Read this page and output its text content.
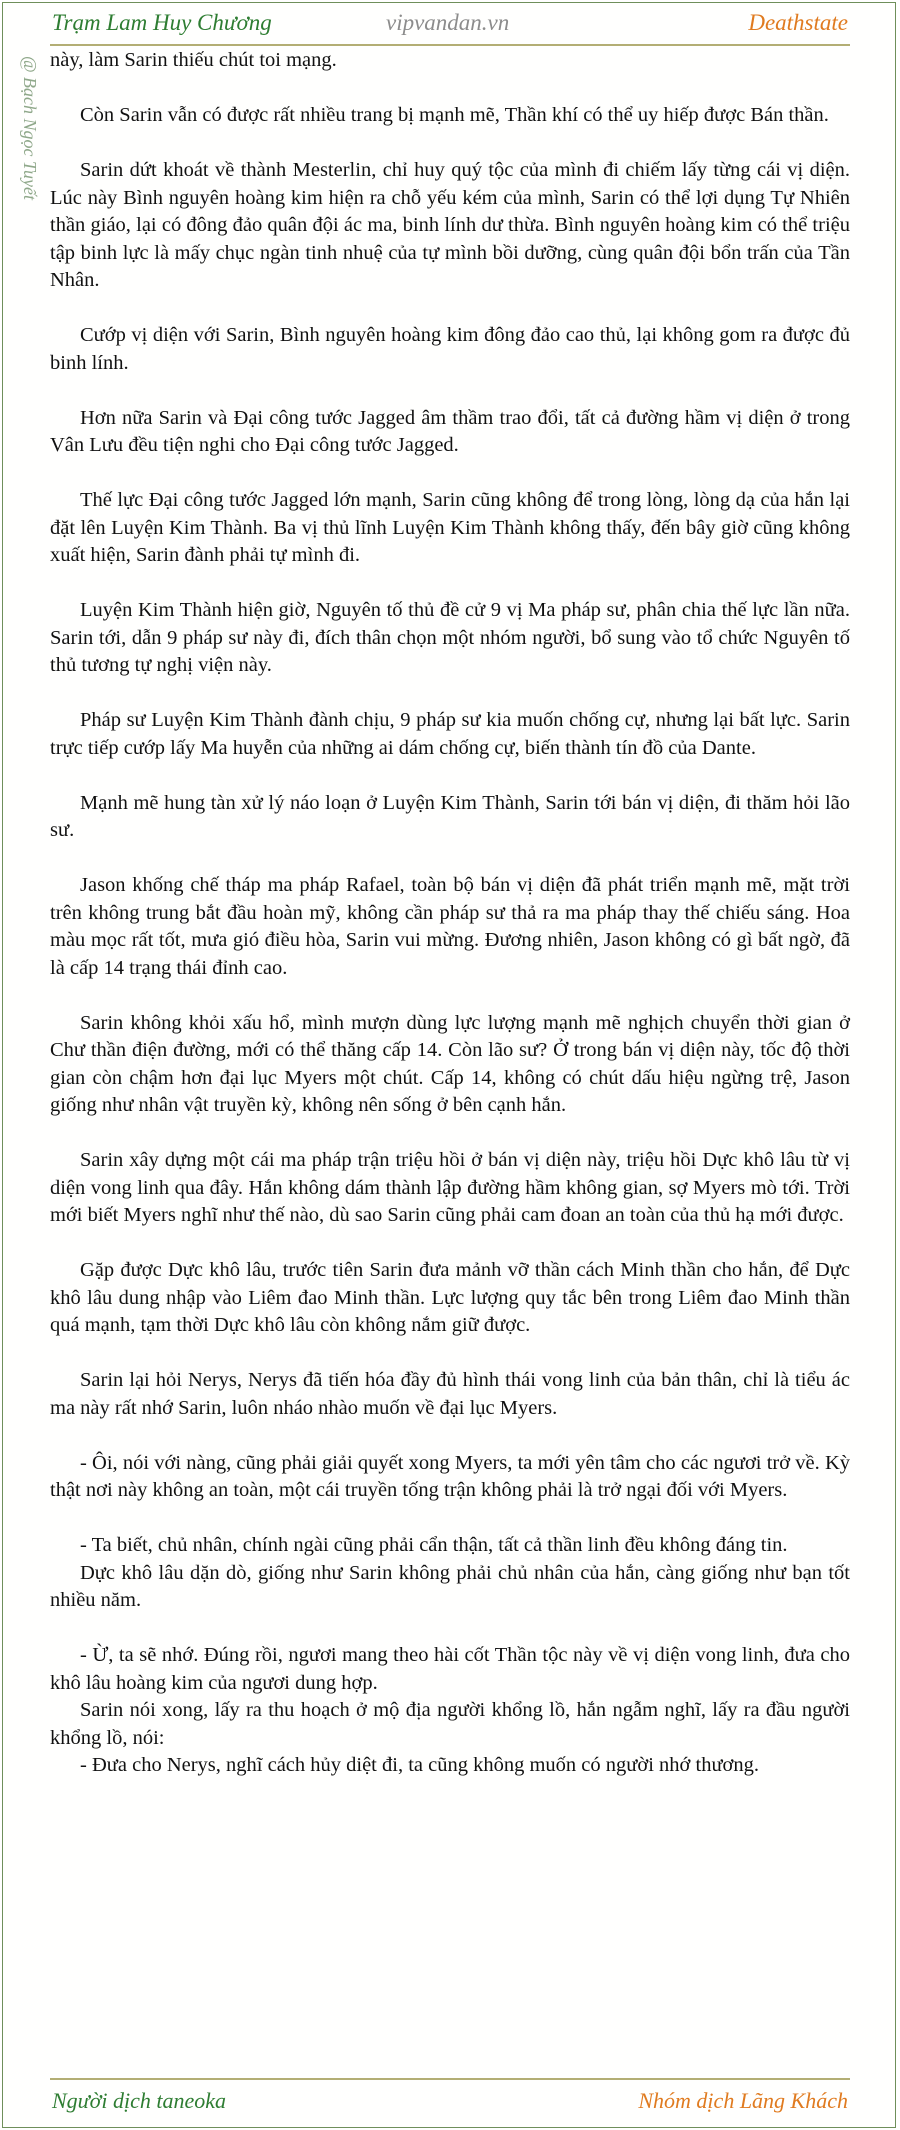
Trạm Lam Huy Chương	vipvandan.vn	Deathstate
@ Bạch Ngọc Tuyết này, làm Sarin thiếu chút toi mạng.

Còn Sarin vẫn có được rất nhiều trang bị mạnh mẽ, Thần khí có thể uy hiếp được Bán thần.

Sarin dứt khoát về thành Mesterlin, chỉ huy quý tộc của mình đi chiếm lấy từng cái vị diện. Lúc này Bình nguyên hoàng kim hiện ra chỗ yếu kém của mình, Sarin có thể lợi dụng Tự Nhiên thần giáo, lại có đông đảo quân đội ác ma, binh lính dư thừa. Bình nguyên hoàng kim có thể triệu tập binh lực là mấy chục ngàn tinh nhuệ của tự mình bồi dưỡng, cùng quân đội bổn trấn của Tần Nhân.

Cướp vị diện với Sarin, Bình nguyên hoàng kim đông đảo cao thủ, lại không gom ra được đủ binh lính.

Hơn nữa Sarin và Đại công tước Jagged âm thầm trao đổi, tất cả đường hầm vị diện ở trong Vân Lưu đều tiện nghi cho Đại công tước Jagged.

Thế lực Đại công tước Jagged lớn mạnh, Sarin cũng không để trong lòng, lòng dạ của hắn lại đặt lên Luyện Kim Thành. Ba vị thủ lĩnh Luyện Kim Thành không thấy, đến bây giờ cũng không xuất hiện, Sarin đành phải tự mình đi.

Luyện Kim Thành hiện giờ, Nguyên tố thủ đề cử 9 vị Ma pháp sư, phân chia thế lực lần nữa. Sarin tới, dẫn 9 pháp sư này đi, đích thân chọn một nhóm người, bổ sung vào tổ chức Nguyên tố thủ tương tự nghị viện này.

Pháp sư Luyện Kim Thành đành chịu, 9 pháp sư kia muốn chống cự, nhưng lại bất lực. Sarin trực tiếp cướp lấy Ma huyễn của những ai dám chống cự, biến thành tín đồ của Dante.

Mạnh mẽ hung tàn xử lý náo loạn ở Luyện Kim Thành, Sarin tới bán vị diện, đi thăm hỏi lão sư.

Jason khống chế tháp ma pháp Rafael, toàn bộ bán vị diện đã phát triển mạnh mẽ, mặt trời trên không trung bắt đầu hoàn mỹ, không cần pháp sư thả ra ma pháp thay thế chiếu sáng. Hoa màu mọc rất tốt, mưa gió điều hòa, Sarin vui mừng. Đương nhiên, Jason không có gì bất ngờ, đã là cấp 14 trạng thái đỉnh cao.

Sarin không khỏi xấu hổ, mình mượn dùng lực lượng mạnh mẽ nghịch chuyển thời gian ở Chư thần điện đường, mới có thể thăng cấp 14. Còn lão sư? Ở trong bán vị diện này, tốc độ thời gian còn chậm hơn đại lục Myers một chút. Cấp 14, không có chút dấu hiệu ngừng trệ, Jason giống như nhân vật truyền kỳ, không nên sống ở bên cạnh hắn.

Sarin xây dựng một cái ma pháp trận triệu hồi ở bán vị diện này, triệu hồi Dực khô lâu từ vị diện vong linh qua đây. Hắn không dám thành lập đường hầm không gian, sợ Myers mò tới. Trời mới biết Myers nghĩ như thế nào, dù sao Sarin cũng phải cam đoan an toàn của thủ hạ mới được.

Gặp được Dực khô lâu, trước tiên Sarin đưa mảnh vỡ thần cách Minh thần cho hắn, để Dực khô lâu dung nhập vào Liêm đao Minh thần. Lực lượng quy tắc bên trong Liêm đao Minh thần quá mạnh, tạm thời Dực khô lâu còn không nắm giữ được.

Sarin lại hỏi Nerys, Nerys đã tiến hóa đầy đủ hình thái vong linh của bản thân, chỉ là tiểu ác ma này rất nhớ Sarin, luôn nháo nhào muốn về đại lục Myers.

- Ôi, nói với nàng, cũng phải giải quyết xong Myers, ta mới yên tâm cho các ngươi trở về. Kỳ thật nơi này không an toàn, một cái truyền tống trận không phải là trở ngại đối với Myers.

- Ta biết, chủ nhân, chính ngài cũng phải cẩn thận, tất cả thần linh đều không đáng tin.

Dực khô lâu dặn dò, giống như Sarin không phải chủ nhân của hắn, càng giống như bạn tốt nhiều năm.

- Ừ, ta sẽ nhớ. Đúng rồi, ngươi mang theo hài cốt Thần tộc này về vị diện vong linh, đưa cho khô lâu hoàng kim của ngươi dung hợp.

Sarin nói xong, lấy ra thu hoạch ở mộ địa người khổng lồ, hắn ngẫm nghĩ, lấy ra đầu người khổng lồ, nói:

- Đưa cho Nerys, nghĩ cách hủy diệt đi, ta cũng không muốn có người nhớ thương.

Người dịch taneoka	Nhóm dịch Lãng Khách
